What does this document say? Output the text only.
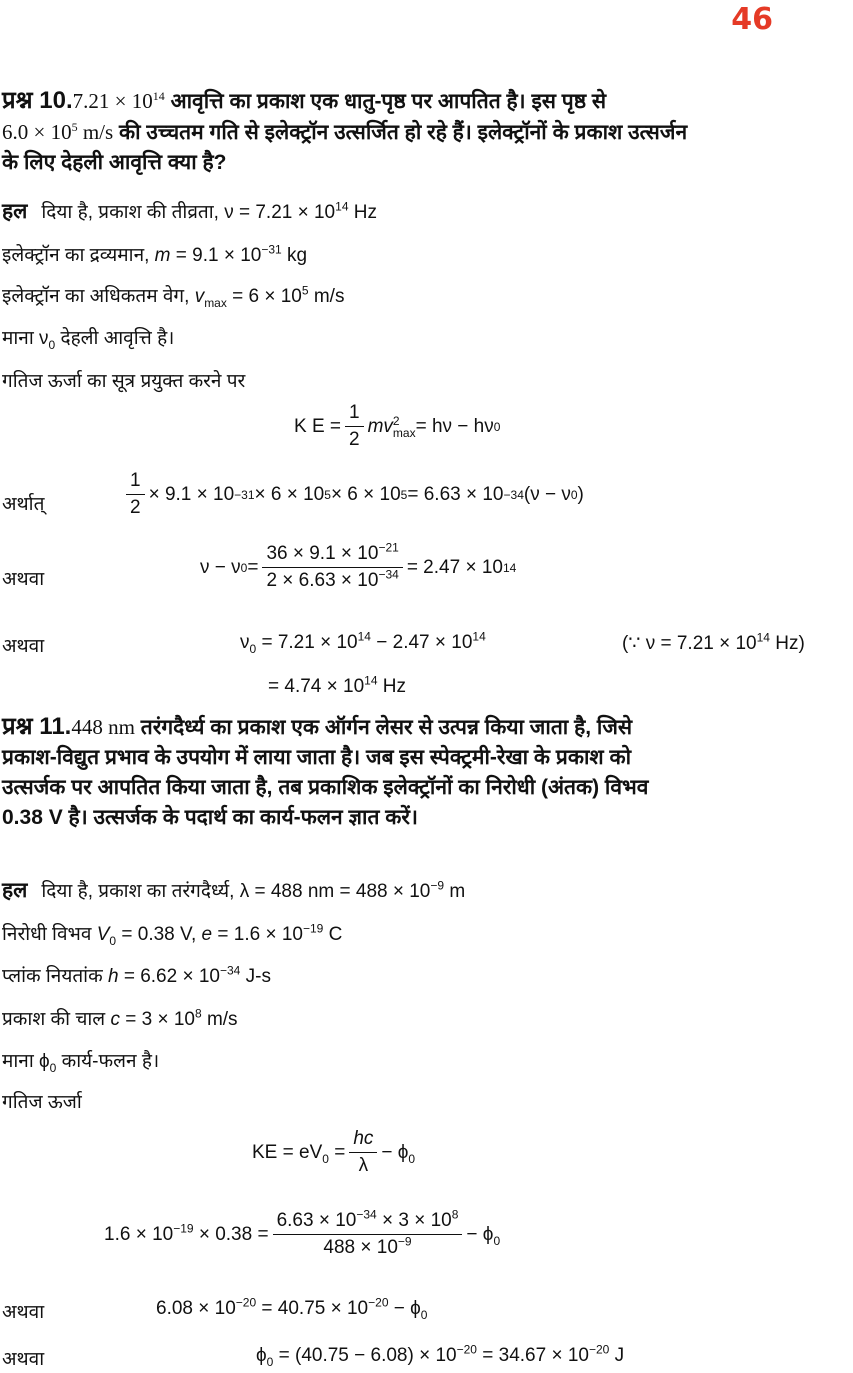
46
प्रश्न $10.7.21 \times 10^{14}$ आवृत्ति का प्रकाश एक धातु-पृष्ठ पर आपतित है। इस पृष्ठ से
$6.0 \times 10^5$ m/s की उच्चतम गति से इलेक्ट्रॉन उत्सर्जित हो रहे हैं। इलेक्ट्रॉनों के प्रकाश उत्सर्जन
के लिए देहली आवृत्ति क्या है?
हल दिया है, प्रकाश की तीव्रता, $\nu = 7.21 \times 10^{14}$ Hz
इलेक्ट्रॉन का द्रव्यमान, $m = 9.1 \times 10^{-31}$ kg
इलेक्ट्रॉन का अधिकतम वेग, $v_{max} = 6 \times 10^5$ m/s
माना $\nu_0$ देहली आवृत्ति है।
गतिज ऊर्जा का सूत्र प्रयुक्त करने पर
K $E = \frac{1}{2}$ mv 2
max = hν − hν 0
अर्थात्	$\frac{1}{2} \times 9.1 \times 10 -31 \times 6 \times 10$ 5 × 6 × 10 5 = 6.63 × 10 −34 (ν − ν 0 )
अथवा
ν − ν $0 = \frac{36 \times 9.1 \times 10^{-21}}{2 \times 6.63 \times 10^{-34}} = 2.47 \times 10$ 14
अथवा	$\nu_0 = 7.21 \times 10^{14} - 2.47 \times 10^{14}$	(∵ $\nu = 7.21 \times 10^{14}$ Hz)
= $4.74 \times 10^{14}$ Hz
प्रश्न 11.448 nm तरंगदैर्ध्य का प्रकाश एक ऑर्गन लेसर से उत्पन्न किया जाता है, जिसे
प्रकाश-विद्युत प्रभाव के उपयोग में लाया जाता है। जब इस स्पेक्ट्रमी-रेखा के प्रकाश को
उत्सर्जक पर आपतित किया जाता है, तब प्रकाशिक इलेक्ट्रॉनों का निरोधी (अंतक) विभव
0.38 V है। उत्सर्जक के पदार्थ का कार्य-फलन ज्ञात करें।
हल दिया है, प्रकाश का तरंगदैर्ध्य, λ = 488 nm = $488 \times 10^{-9}$ m
निरोधी विभव $V_0 = 0.38$ V, $e = 1.6 \times 10^{-19}$ C
प्लांक नियतांक $h = 6.62 \times 10^{-34}$ J-s
प्रकाश की चाल $c = 3 \times 10^8$ m/s
माना $\phi_0$ कार्य-फलन है।
गतिज ऊर्जा
KE = $eV_0 = \frac{hc}{\lambda} - \phi_0$
$1.6 \times 10^{-19} \times 0.38 = \frac{6.63 \times 10^{-34} \times 3 \times 10^8}{488 \times 10^{-9}} - \phi_0$
अथवा	$6.08 \times 10^{-20} = 40.75 \times 10^{-20} - \phi_0$
अथवा	$\phi_0 = (40.75 - 6.08) \times 10^{-20} = 34.67 \times 10^{-20}$ J
